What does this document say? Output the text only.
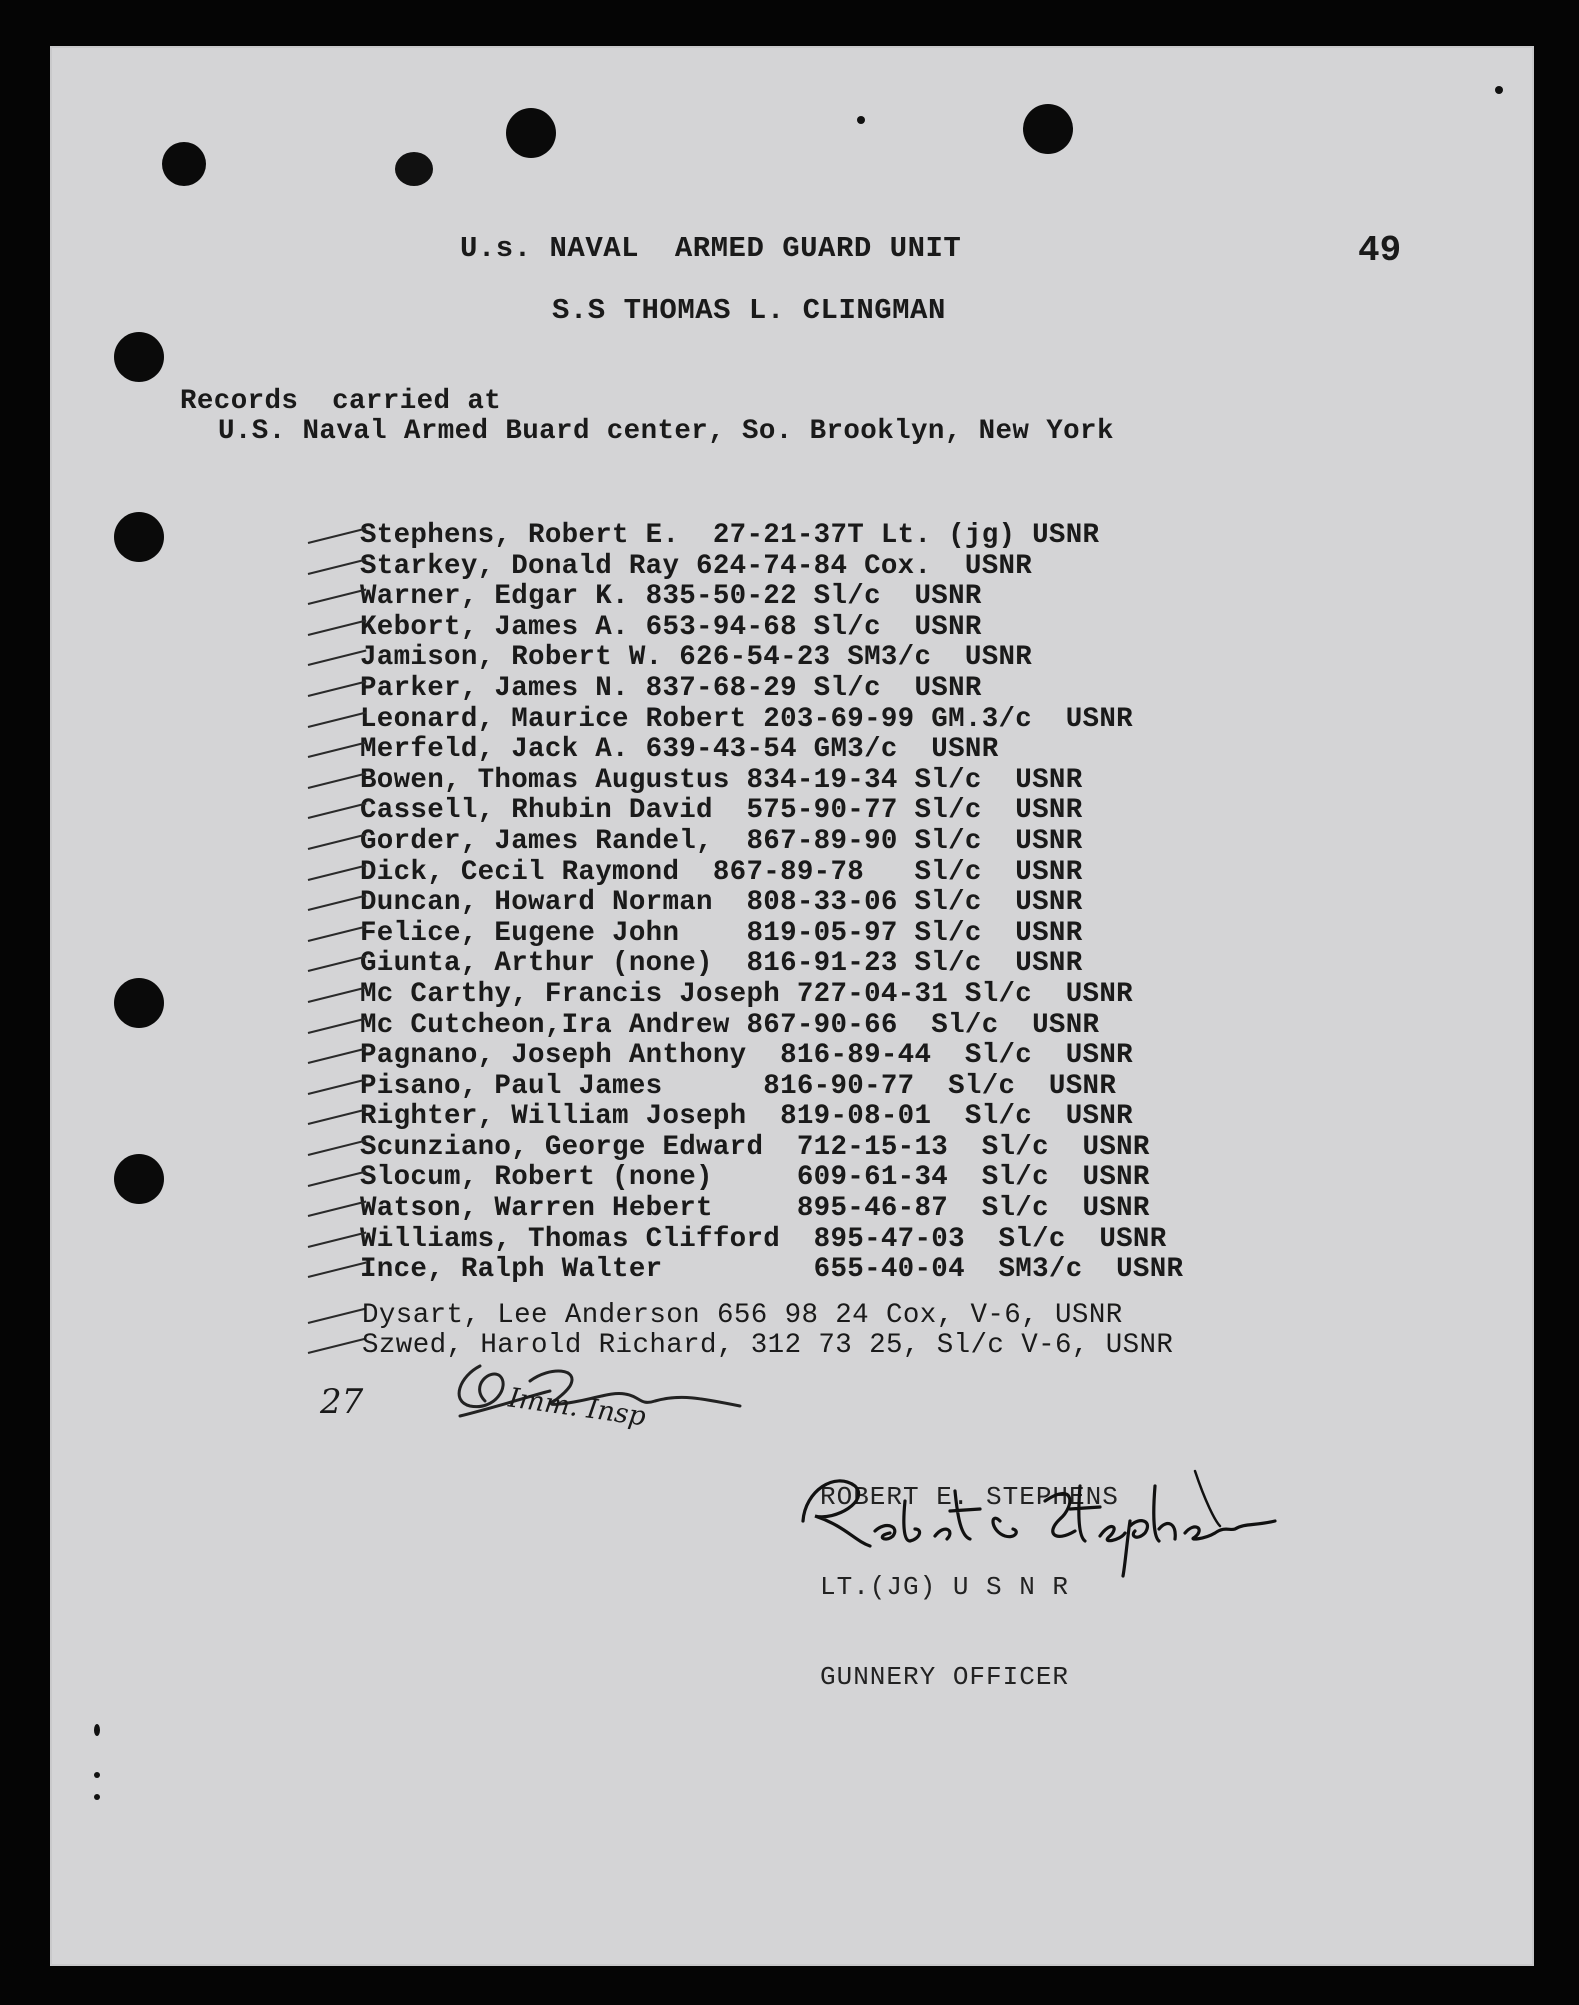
U.s. NAVAL  ARMED GUARD UNIT	49
S.S THOMAS L. CLINGMAN
Records  carried at
U.S. Naval Armed Buard center, So. Brooklyn, New York
Stephens, Robert E.  27-21-37T Lt. (jg) USNR
Starkey, Donald Ray 624-74-84 Cox.  USNR
Warner, Edgar K. 835-50-22 Sl/c  USNR
Kebort, James A. 653-94-68 Sl/c  USNR
Jamison, Robert W. 626-54-23 SM3/c  USNR
Parker, James N. 837-68-29 Sl/c  USNR
Leonard, Maurice Robert 203-69-99 GM.3/c  USNR
Merfeld, Jack A. 639-43-54 GM3/c  USNR
Bowen, Thomas Augustus 834-19-34 Sl/c  USNR
Cassell, Rhubin David  575-90-77 Sl/c  USNR
Gorder, James Randel,  867-89-90 Sl/c  USNR
Dick, Cecil Raymond  867-89-78   Sl/c  USNR
Duncan, Howard Norman  808-33-06 Sl/c  USNR
Felice, Eugene John    819-05-97 Sl/c  USNR
Giunta, Arthur (none)  816-91-23 Sl/c  USNR
Mc Carthy, Francis Joseph 727-04-31 Sl/c  USNR
Mc Cutcheon,Ira Andrew 867-90-66  Sl/c  USNR
Pagnano, Joseph Anthony  816-89-44  Sl/c  USNR
Pisano, Paul James      816-90-77  Sl/c  USNR
Righter, William Joseph  819-08-01  Sl/c  USNR
Scunziano, George Edward  712-15-13  Sl/c  USNR
Slocum, Robert (none)     609-61-34  Sl/c  USNR
Watson, Warren Hebert     895-46-87  Sl/c  USNR
Williams, Thomas Clifford  895-47-03  Sl/c  USNR
Ince, Ralph Walter         655-40-04  SM3/c  USNR
Dysart, Lee Anderson 656 98 24 Cox, V-6, USNR
Szwed, Harold Richard, 312 73 25, Sl/c V-6, USNR
27	Imm. Insp

ROBERT E. STEPHENS

LT.(JG) U S N R

GUNNERY OFFICER
